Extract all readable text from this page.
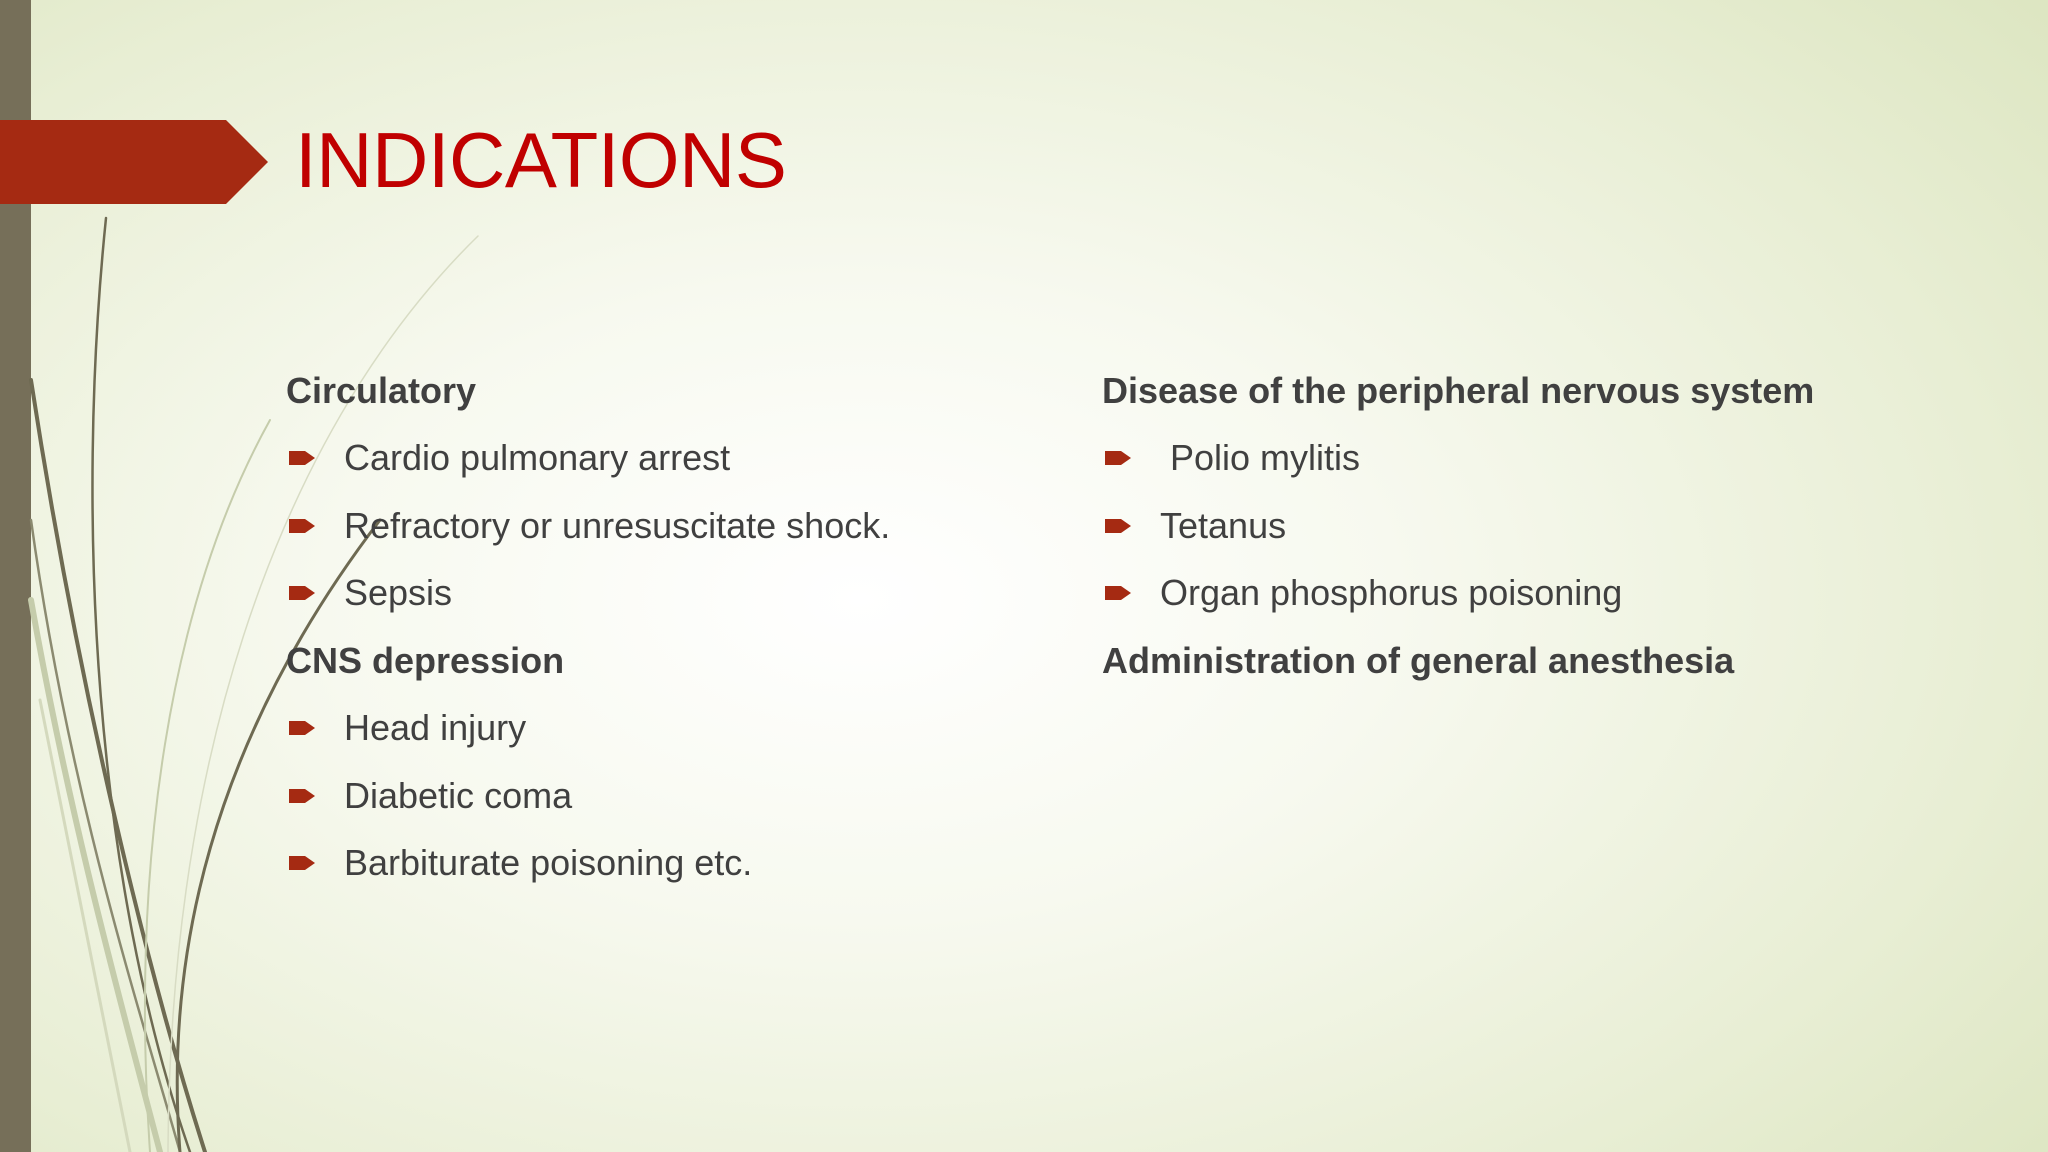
INDICATIONS
Circulatory
Cardio pulmonary arrest
Refractory or unresuscitate shock.
Sepsis
CNS depression
Head injury
Diabetic coma
Barbiturate poisoning etc.
Disease of the peripheral nervous system
Polio mylitis
Tetanus
Organ phosphorus poisoning
Administration of general anesthesia
